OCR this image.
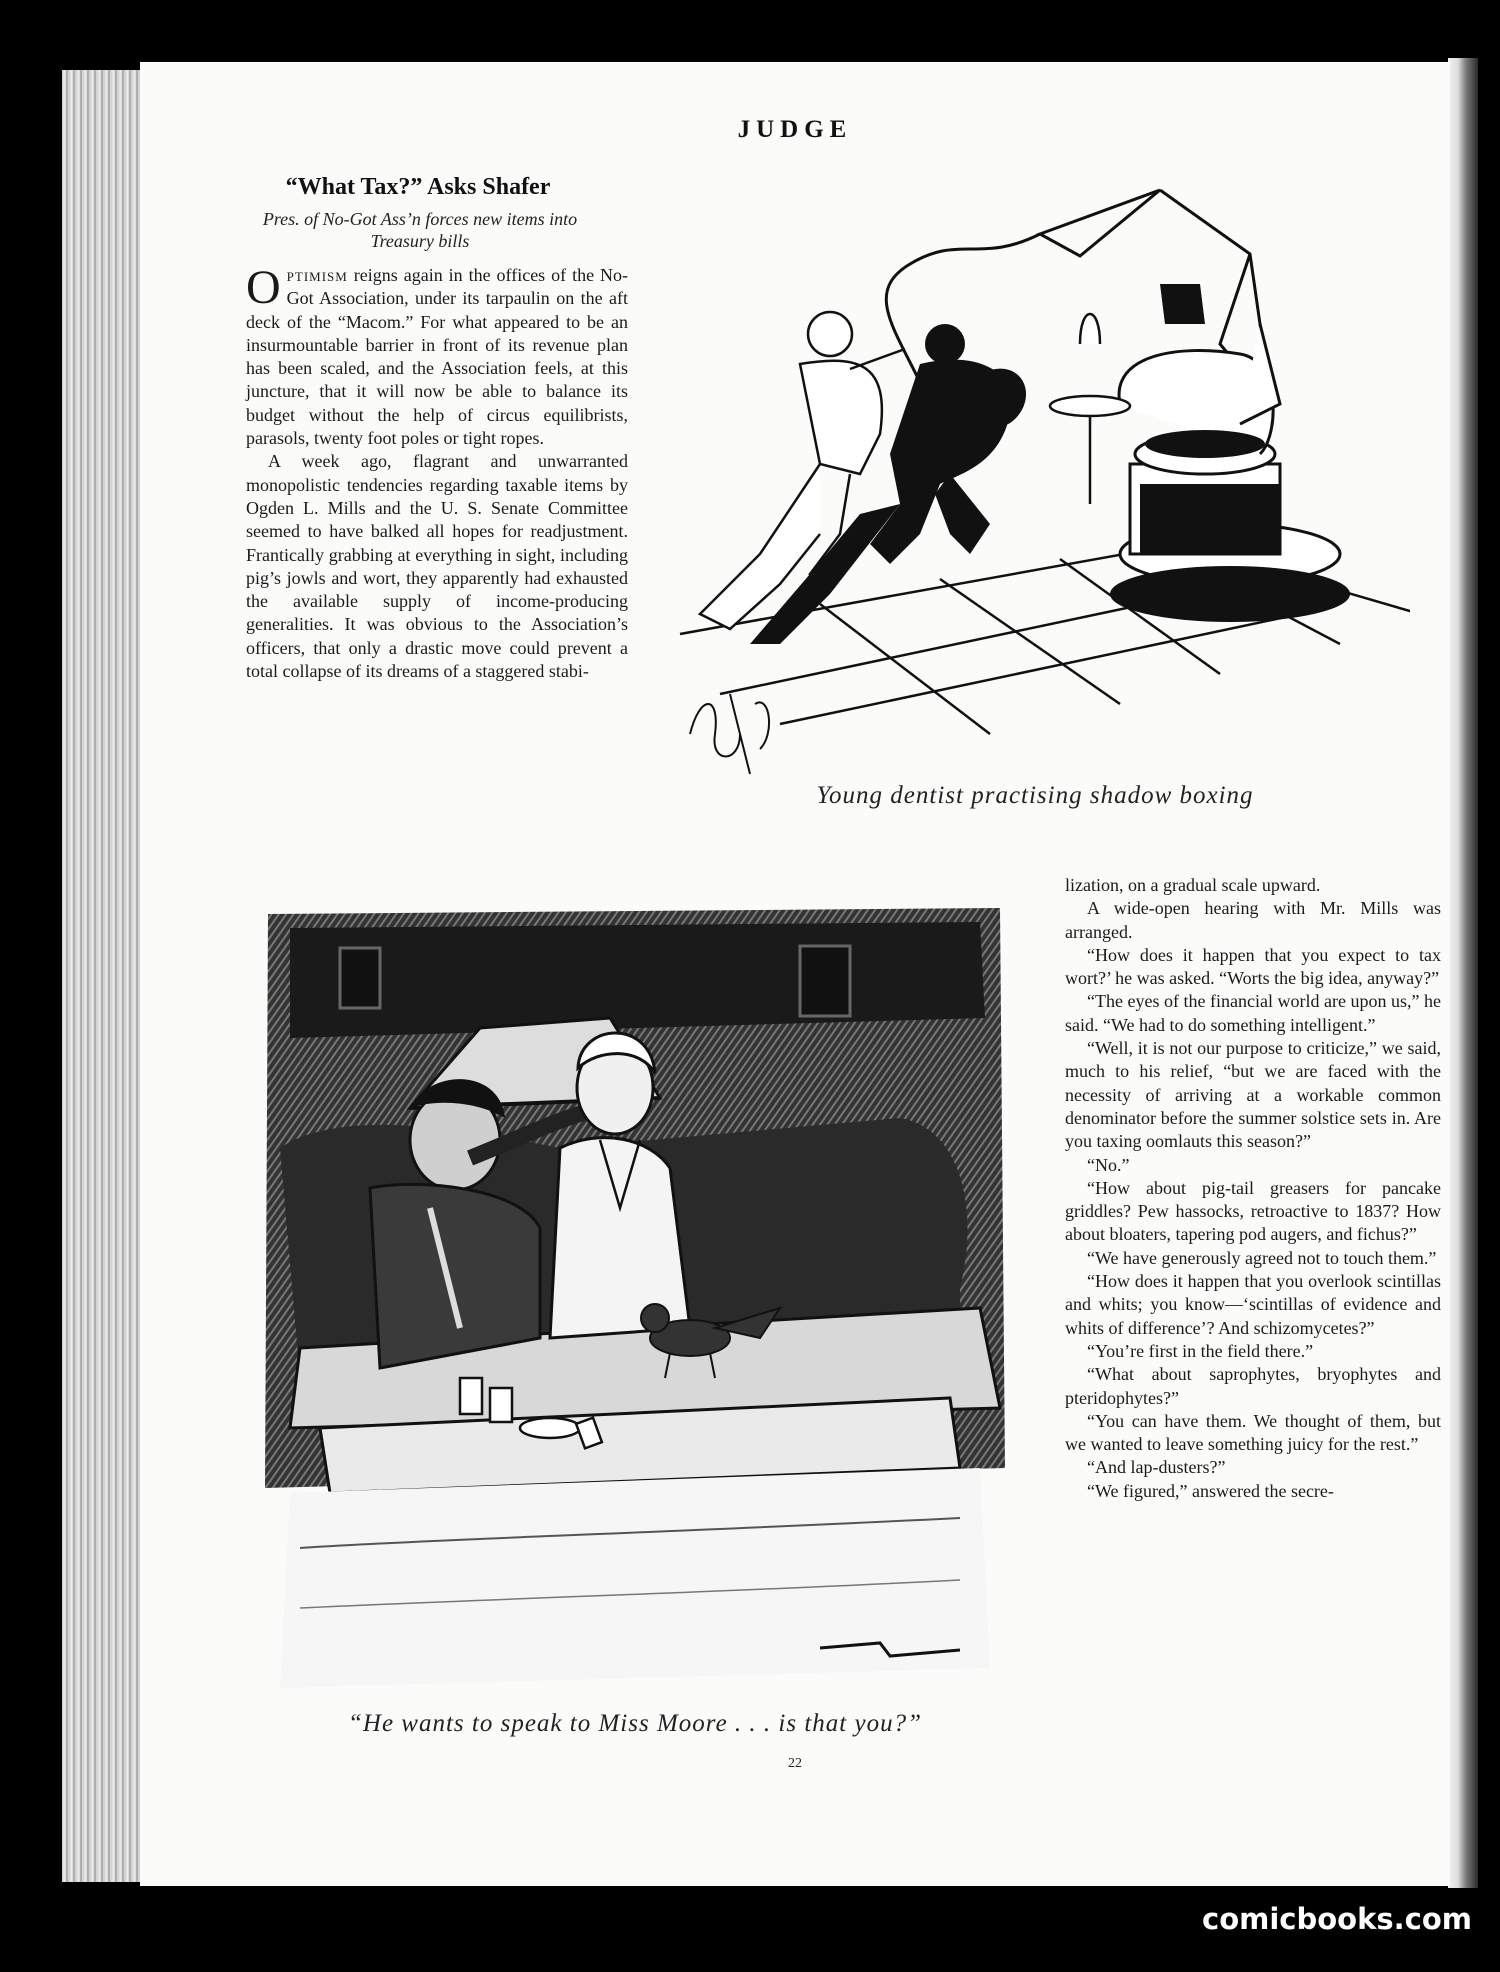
JUDGE
“What Tax?” Asks Shafer
Pres. of No-Got Ass’n forces new items into Treasury bills

Optimism reigns again in the offices of the No-Got Association, under its tarpaulin on the aft deck of the “Macom.” For what appeared to be an insurmountable barrier in front of its revenue plan has been scaled, and the Association feels, at this juncture, that it will now be able to balance its budget without the help of circus equilibrists, parasols, twenty foot poles or tight ropes.

A week ago, flagrant and unwarranted monopolistic tendencies regarding taxable items by Ogden L. Mills and the U. S. Senate Committee seemed to have balked all hopes for readjustment. Frantically grabbing at everything in sight, including pig’s jowls and wort, they apparently had exhausted the available supply of income-producing generalities. It was obvious to the Association’s officers, that only a drastic move could prevent a total collapse of its dreams of a staggered stabi-

Young dentist practising shadow boxing
“He wants to speak to Miss Moore . . . is that you?”

lization, on a gradual scale upward.

A wide-open hearing with Mr. Mills was arranged.

“How does it happen that you expect to tax wort?’ he was asked. “Worts the big idea, anyway?”

“The eyes of the financial world are upon us,” he said. “We had to do something intelligent.”

“Well, it is not our purpose to criticize,” we said, much to his relief, “but we are faced with the necessity of arriving at a workable common denominator before the summer solstice sets in. Are you taxing oomlauts this season?”

“No.”

“How about pig-tail greasers for pancake griddles? Pew hassocks, retroactive to 1837? How about bloaters, tapering pod augers, and fichus?”

“We have generously agreed not to touch them.”

“How does it happen that you overlook scintillas and whits; you know—‘scintillas of evidence and whits of difference’? And schizomycetes?”

“You’re first in the field there.”

“What about saprophytes, bryophytes and pteridophytes?”

“You can have them. We thought of them, but we wanted to leave something juicy for the rest.”

“And lap-dusters?”

“We figured,” answered the secre-

22
comicbooks.com
